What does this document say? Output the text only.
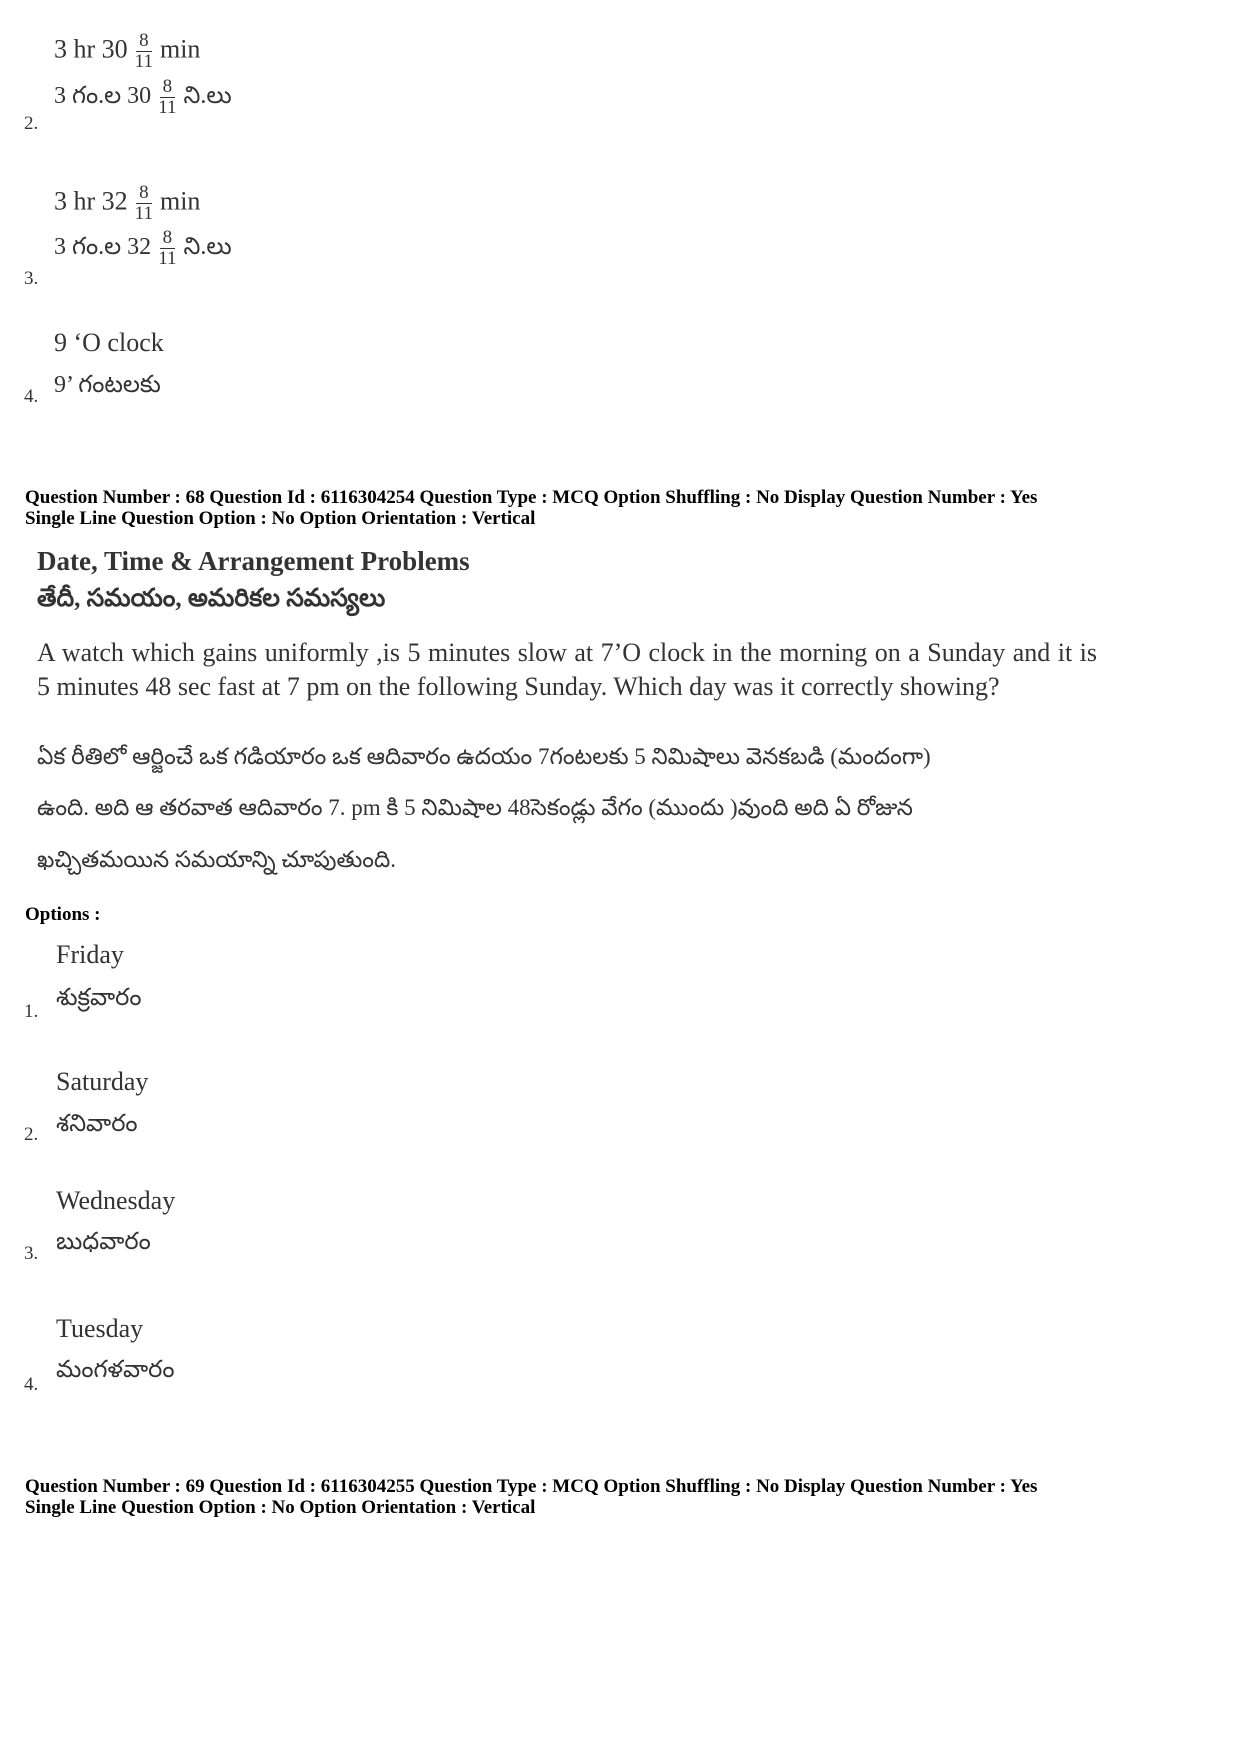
3 hr $30 \frac{8}{11}$ min
3 గం.ల $30 \frac{8}{11}$ ని.లు
2.
3 hr $32 \frac{8}{11}$ min
3 గం.ల $32 \frac{8}{11}$ ని.లు
3.
9 ‘O clock
9’ గంటలకు
4.
Question Number : 68 Question Id : 6116304254 Question Type : MCQ Option Shuffling : No Display Question Number : Yes
Single Line Question Option : No Option Orientation : Vertical
Date, Time & Arrangement Problems
తేదీ, సమయం, అమరికల సమస్యలు
A watch which gains uniformly ,is 5 minutes slow at 7’O clock in the morning on a Sunday and it is 5 minutes 48 sec fast at 7 pm on the following Sunday. Which day was it correctly showing?
ఏక రీతిలో ఆర్జించే ఒక గడియారం ఒక ఆదివారం ఉదయం 7గంటలకు 5 నిమిషాలు వెనకబడి (మందంగా)
ఉంది. అది ఆ తరవాత ఆదివారం 7. pm కి 5 నిమిషాల 48సెకండ్లు వేగం (ముందు )వుంది అది ఏ రోజున
ఖచ్చితమయిన సమయాన్ని చూపుతుంది.
Options :
Friday
శుక్రవారం
1.
Saturday
శనివారం
2.
Wednesday
బుధవారం
3.
Tuesday
మంగళవారం
4.
Question Number : 69 Question Id : 6116304255 Question Type : MCQ Option Shuffling : No Display Question Number : Yes
Single Line Question Option : No Option Orientation : Vertical
